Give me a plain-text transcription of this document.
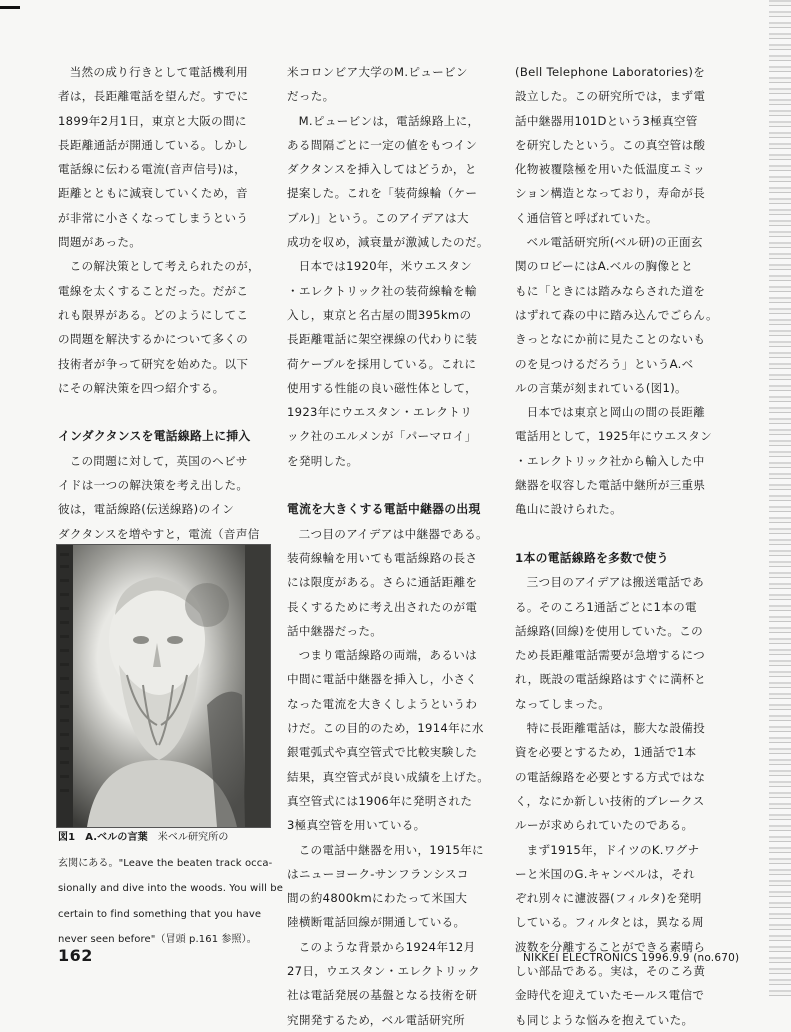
当然の成り行きとして電話機利用

者は，長距離電話を望んだ。すでに

1899年2月1日，東京と大阪の間に

長距離通話が開通している。しかし

電話線に伝わる電流(音声信号)は，

距離とともに減衰していくため，音

が非常に小さくなってしまうという

問題があった。

この解決策として考えられたのが，

電線を太くすることだった。だがこ

れも限界がある。どのようにしてこ

の問題を解決するかについて多くの

技術者が争って研究を始めた。以下

にその解決策を四つ紹介する。

インダクタンスを電話線路上に挿入

この問題に対して，英国のヘビサ

イドは一つの解決策を考え出した。

彼は，電話線路(伝送線路)のイン

ダクタンスを増やすと，電流（音声信

図1　A.ベルの言葉　米ベル研究所の

玄関にある。"Leave the beaten track occa-

sionally and dive into the woods. You will be

certain to find something that you have

never seen before"（冒頭 p.161 参照）。

米コロンビア大学のM.ピュービン

だった。

M.ピュービンは，電話線路上に，

ある間隔ごとに一定の値をもつイン

ダクタンスを挿入してはどうか，と

提案した。これを「装荷線輪（ケー

ブル)」という。このアイデアは大

成功を収め，減衰量が激減したのだ。

日本では1920年，米ウエスタン

・エレクトリック社の装荷線輪を輸

入し，東京と名古屋の間395kmの

長距離電話に架空裸線の代わりに装

荷ケーブルを採用している。これに

使用する性能の良い磁性体として，

1923年にウエスタン・エレクトリ

ック社のエルメンが「パーマロイ」

を発明した。

電流を大きくする電話中継器の出現

二つ目のアイデアは中継器である。

装荷線輪を用いても電話線路の長さ

には限度がある。さらに通話距離を

長くするために考え出されたのが電

話中継器だった。

つまり電話線路の両端，あるいは

中間に電話中継器を挿入し，小さく

なった電流を大きくしようというわ

けだ。この目的のため，1914年に水

銀電弧式や真空管式で比較実験した

結果，真空管式が良い成績を上げた。

真空管式には1906年に発明された

3極真空管を用いている。

この電話中継器を用い，1915年に

はニューヨーク-サンフランシスコ

間の約4800kmにわたって米国大

陸横断電話回線が開通している。

このような背景から1924年12月

27日，ウエスタン・エレクトリック

社は電話発展の基盤となる技術を研

究開発するため，ベル電話研究所

(Bell Telephone Laboratories)を

設立した。この研究所では，まず電

話中継器用101Dという3極真空管

を研究したという。この真空管は酸

化物被覆陰極を用いた低温度エミッ

ション構造となっており，寿命が長

く通信管と呼ばれていた。

ベル電話研究所(ベル研)の正面玄

関のロビーにはA.ベルの胸像とと

もに「ときには踏みならされた道を

はずれて森の中に踏み込んでごらん。

きっとなにか前に見たことのないも

のを見つけるだろう」というA.ベ

ルの言葉が刻まれている(図1)。

日本では東京と岡山の間の長距離

電話用として，1925年にウエスタン

・エレクトリック社から輸入した中

継器を収容した電話中継所が三重県

亀山に設けられた。

1本の電話線路を多数で使う

三つ目のアイデアは搬送電話であ

る。そのころ1通話ごとに1本の電

話線路(回線)を使用していた。この

ため長距離電話需要が急増するにつ

れ，既設の電話線路はすぐに満杯と

なってしまった。

特に長距離電話は，膨大な設備投

資を必要とするため，1通話で1本

の電話線路を必要とする方式ではな

く，なにか新しい技術的ブレークス

ルーが求められていたのである。

まず1915年，ドイツのK.ワグナ

ーと米国のG.キャンベルは，それ

ぞれ別々に濾波器(フィルタ)を発明

している。フィルタとは，異なる周

波数を分離することができる素晴ら

しい部品である。実は，そのころ黄

金時代を迎えていたモールス電信で

も同じような悩みを抱えていた。

162	NIKKEI ELECTRONICS 1996.9.9 (no.670)
